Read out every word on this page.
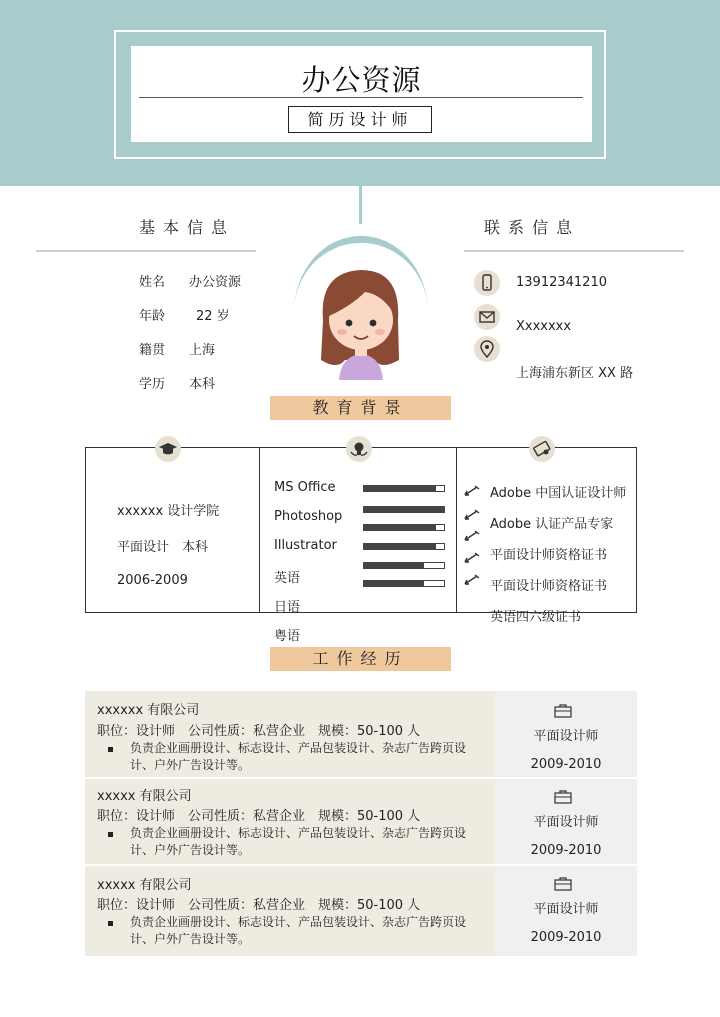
办公资源
简历设计师
基本信息
姓名 办公资源
年龄 22 岁
籍贯 上海
学历 本科
联系信息
13912341210
Xxxxxxx
上海浦东新区 XX 路
教育背景
xxxxxx 设计学院
平面设计　本科
2006-2009
MS Office
Photoshop
Illustrator
英语
日语
粤语
Adobe 中国认证设计师
Adobe 认证产品专家
平面设计师资格证书
平面设计师资格证书
英语四六级证书
工作经历
xxxxxx 有限公司
职位：设计师　公司性质：私营企业　规模：50-100 人
负责企业画册设计、标志设计、产品包装设计、杂志广告跨页设计、户外广告设计等。
平面设计师
2009-2010
xxxxx 有限公司
职位：设计师　公司性质：私营企业　规模：50-100 人
负责企业画册设计、标志设计、产品包装设计、杂志广告跨页设计、户外广告设计等。
平面设计师
2009-2010
xxxxx 有限公司
职位：设计师　公司性质：私营企业　规模：50-100 人
负责企业画册设计、标志设计、产品包装设计、杂志广告跨页设计、户外广告设计等。
平面设计师
2009-2010
